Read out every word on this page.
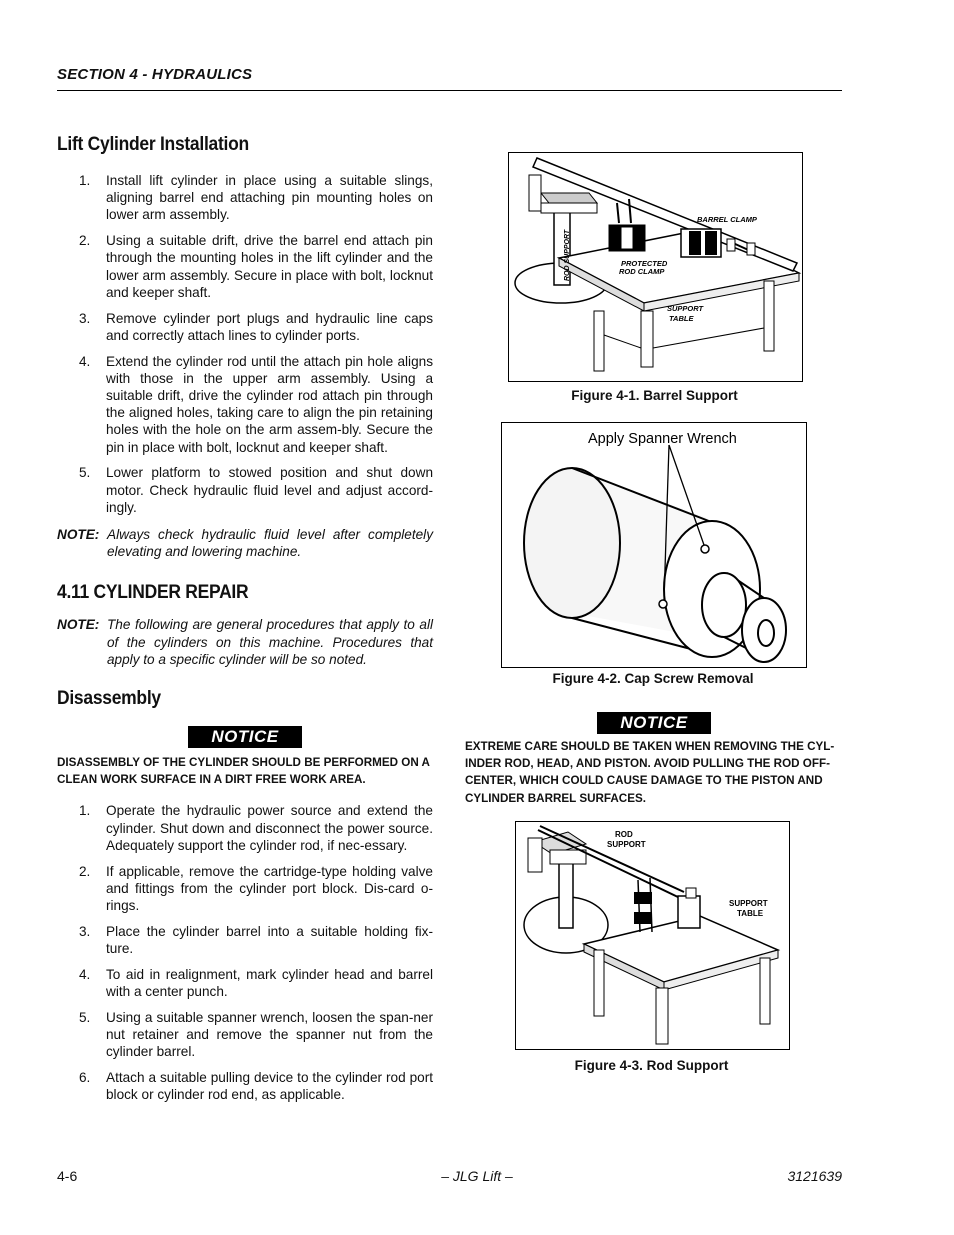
SECTION 4 - HYDRAULICS
Lift Cylinder Installation
1. Install lift cylinder in place using a suitable slings, aligning barrel end attaching pin mounting holes on lower arm assembly.
2. Using a suitable drift, drive the barrel end attach pin through the mounting holes in the lift cylinder and the lower arm assembly. Secure in place with bolt, locknut and keeper shaft.
3. Remove cylinder port plugs and hydraulic line caps and correctly attach lines to cylinder ports.
4. Extend the cylinder rod until the attach pin hole aligns with those in the upper arm assembly. Using a suitable drift, drive the cylinder rod attach pin through the aligned holes, taking care to align the pin retaining holes with the hole on the arm assem-bly. Secure the pin in place with bolt, locknut and keeper shaft.
5. Lower platform to stowed position and shut down motor. Check hydraulic fluid level and adjust accord-ingly.
NOTE: Always check hydraulic fluid level after completely elevating and lowering machine.
4.11 CYLINDER REPAIR
NOTE: The following are general procedures that apply to all of the cylinders on this machine. Procedures that apply to a specific cylinder will be so noted.
Disassembly
NOTICE
DISASSEMBLY OF THE CYLINDER SHOULD BE PERFORMED ON A CLEAN WORK SURFACE IN A DIRT FREE WORK AREA.
1. Operate the hydraulic power source and extend the cylinder. Shut down and disconnect the power source. Adequately support the cylinder rod, if nec-essary.
2. If applicable, remove the cartridge-type holding valve and fittings from the cylinder port block. Dis-card o-rings.
3. Place the cylinder barrel into a suitable holding fix-ture.
4. To aid in realignment, mark cylinder head and barrel with a center punch.
5. Using a suitable spanner wrench, loosen the span-ner nut retainer and remove the spanner nut from the cylinder barrel.
6. Attach a suitable pulling device to the cylinder rod port block or cylinder rod end, as applicable.
BARREL CLAMP
PROTECTED
ROD CLAMP
SUPPORT
TABLE
ROD SUPPORT
Figure 4-1. Barrel Support
Apply Spanner Wrench
Figure 4-2. Cap Screw Removal
NOTICE
EXTREME CARE SHOULD BE TAKEN WHEN REMOVING THE CYL-INDER ROD, HEAD, AND PISTON. AVOID PULLING THE ROD OFF-CENTER, WHICH COULD CAUSE DAMAGE TO THE PISTON AND CYLINDER BARREL SURFACES.
ROD
SUPPORT
SUPPORT
TABLE
Figure 4-3. Rod Support
4-6	– JLG Lift –	3121639
